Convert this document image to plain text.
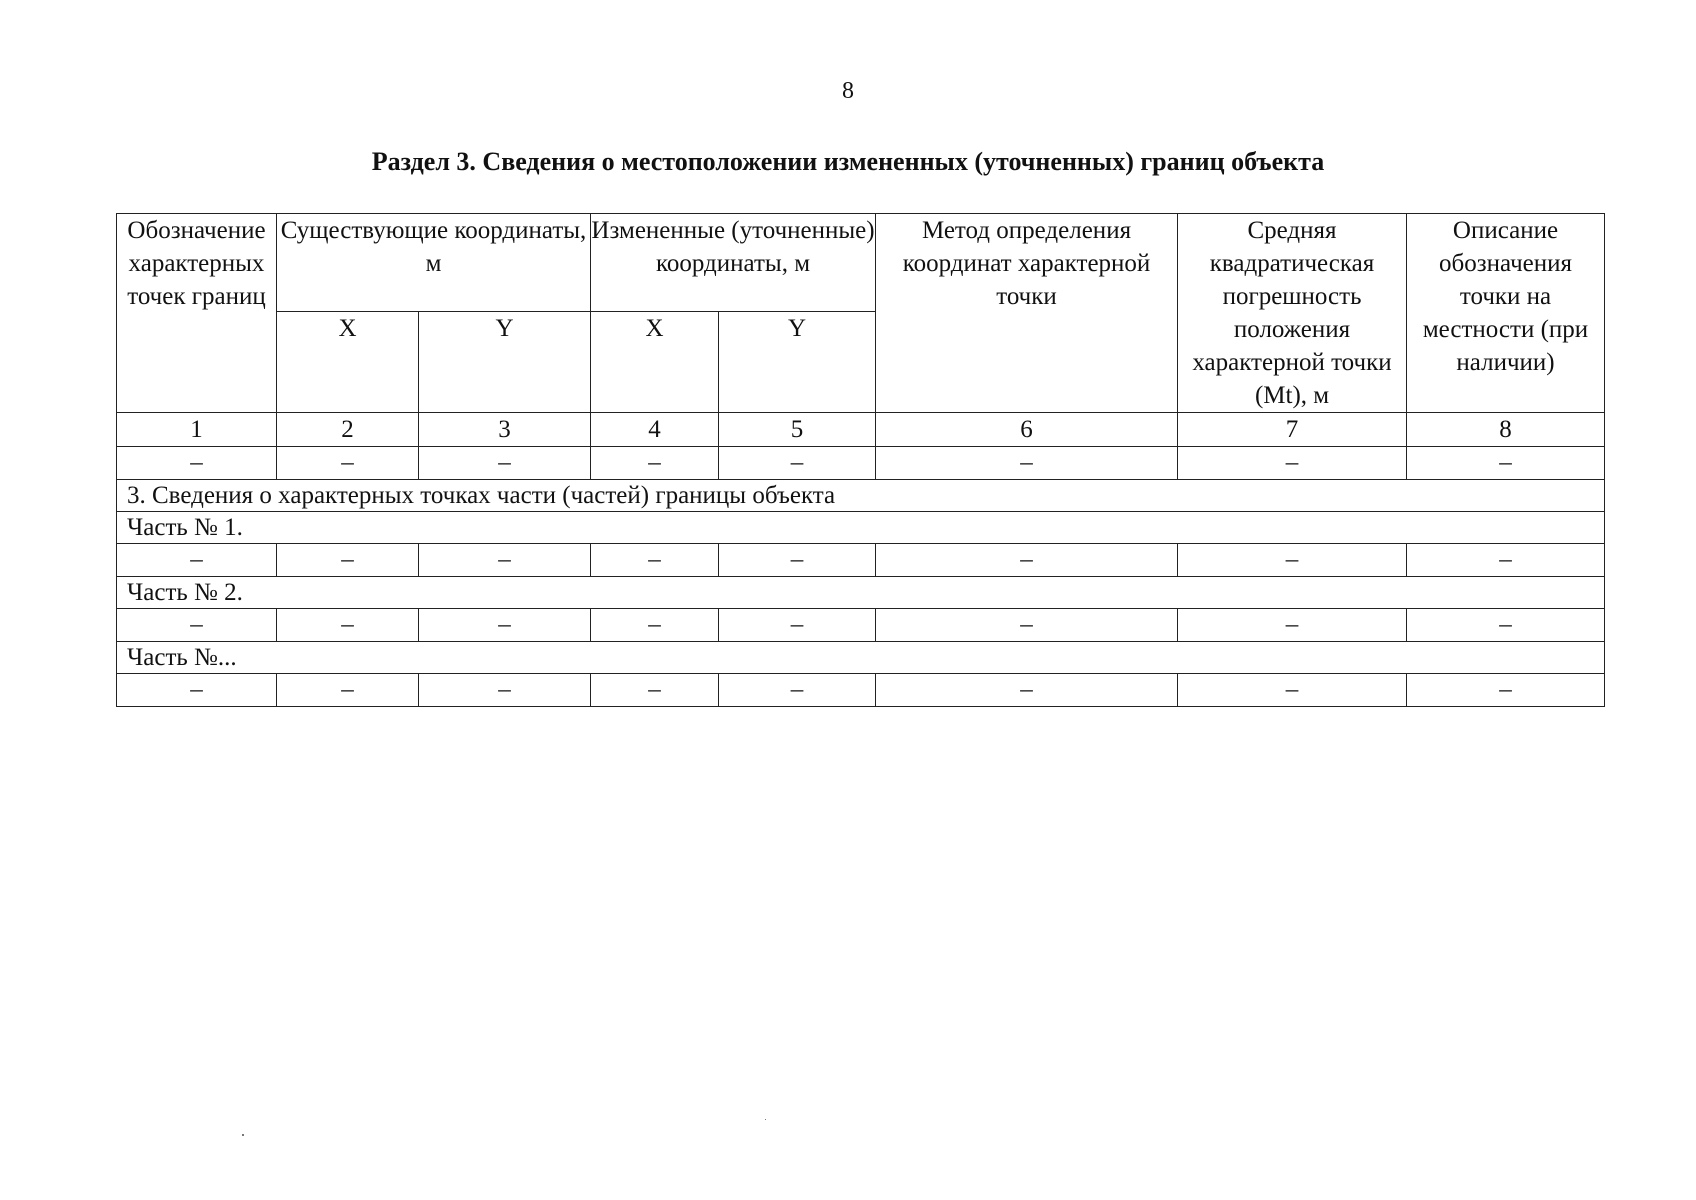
8
Раздел 3. Сведения о местоположении измененных (уточненных) границ объекта
Обозначение характерных точек границ	Существующие координаты, м		Измененные (уточненные) координаты, м		Метод определения координат характерной точки	Средняя квадратическая погрешность положения характерной точки (Mt), м	Описание обозначения точки на местности (при наличии)
	X	Y	X	Y			
1	2	3	4	5	6	7	8
–	–	–	–	–	–	–	–
3. Сведения о характерных точках части (частей) границы объекта							
Часть № 1.							
–	–	–	–	–	–	–	–
Часть № 2.							
–	–	–	–	–	–	–	–
Часть №...							
–	–	–	–	–	–	–	–
